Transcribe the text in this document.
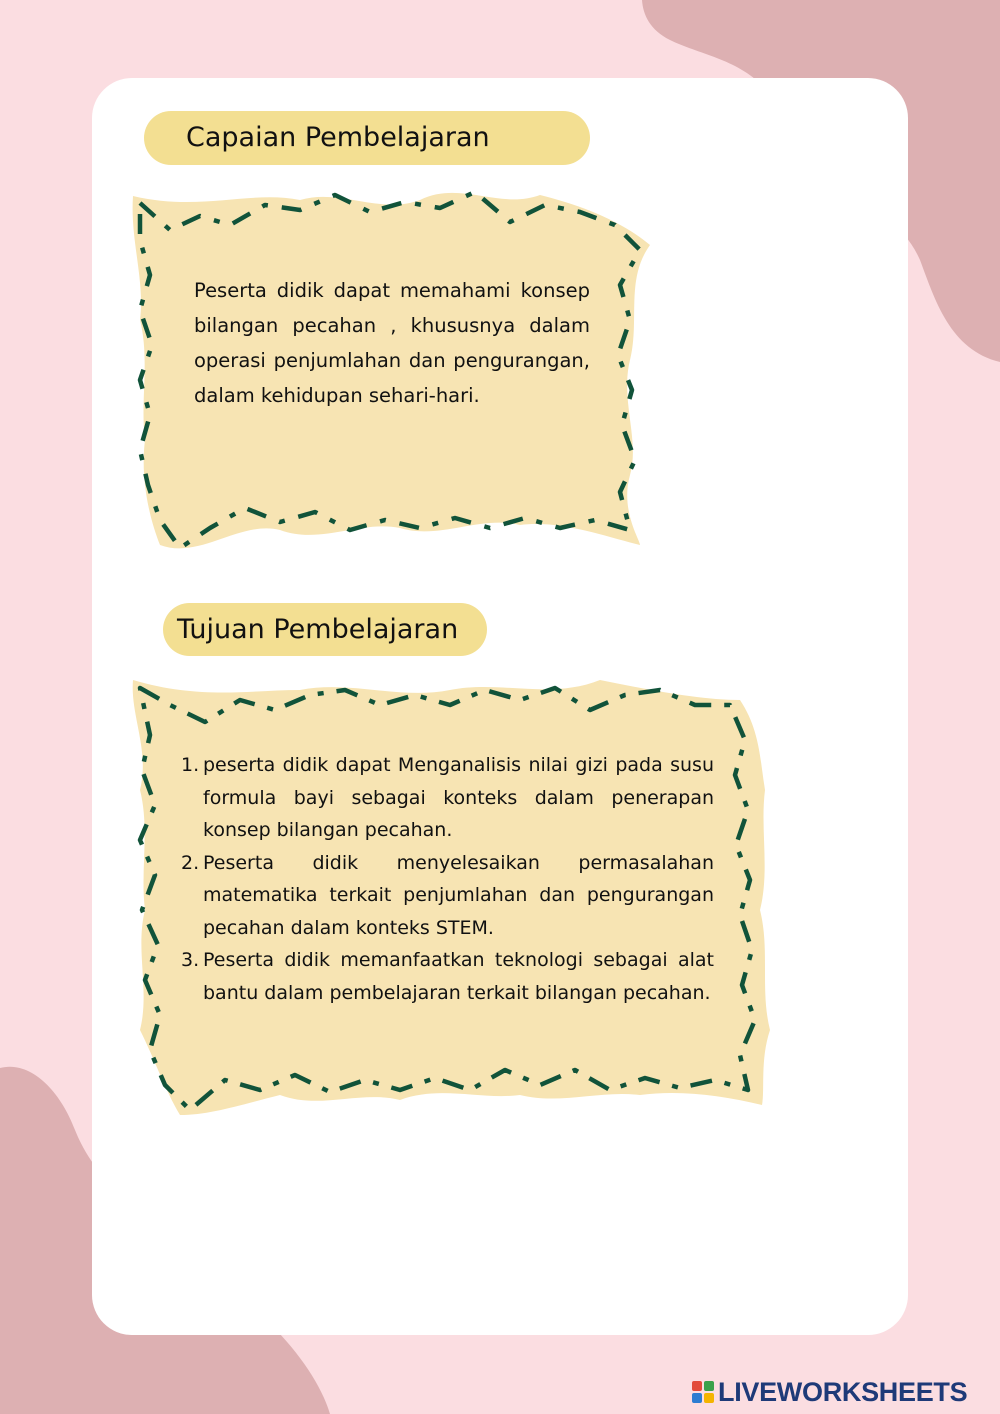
Capaian Pembelajaran
Tujuan Pembelajaran

Peserta didik dapat memahami konsep bilangan pecahan , khususnya dalam operasi penjumlahan dan pengurangan, dalam kehidupan sehari-hari.

1. peserta didik dapat Menganalisis nilai gizi pada susu formula bayi sebagai konteks dalam penerapan konsep bilangan pecahan.
2. Peserta didik menyelesaikan permasalahan matematika terkait penjumlahan dan pengurangan pecahan dalam konteks STEM.
3. Peserta didik memanfaatkan teknologi sebagai alat bantu dalam pembelajaran terkait bilangan pecahan.
LIVEWORKSHEETS
